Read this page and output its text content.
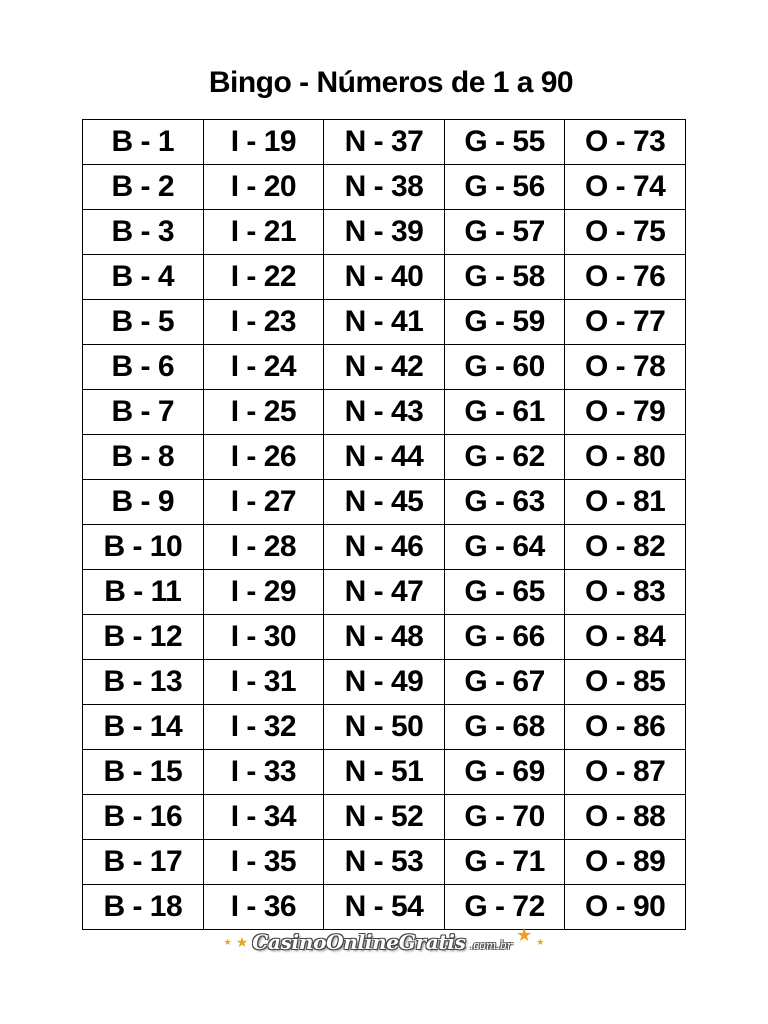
Bingo - Números de 1 a 90
B - 1	I - 19	N - 37	G - 55	O - 73
B - 2	I - 20	N - 38	G - 56	O - 74
B - 3	I - 21	N - 39	G - 57	O - 75
B - 4	I - 22	N - 40	G - 58	O - 76
B - 5	I - 23	N - 41	G - 59	O - 77
B - 6	I - 24	N - 42	G - 60	O - 78
B - 7	I - 25	N - 43	G - 61	O - 79
B - 8	I - 26	N - 44	G - 62	O - 80
B - 9	I - 27	N - 45	G - 63	O - 81
B - 10	I - 28	N - 46	G - 64	O - 82
B - 11	I - 29	N - 47	G - 65	O - 83
B - 12	I - 30	N - 48	G - 66	O - 84
B - 13	I - 31	N - 49	G - 67	O - 85
B - 14	I - 32	N - 50	G - 68	O - 86
B - 15	I - 33	N - 51	G - 69	O - 87
B - 16	I - 34	N - 52	G - 70	O - 88
B - 17	I - 35	N - 53	G - 71	O - 89
B - 18	I - 36	N - 54	G - 72	O - 90
★ ★ CasinoOnlineGratis .com.br ★ ★
